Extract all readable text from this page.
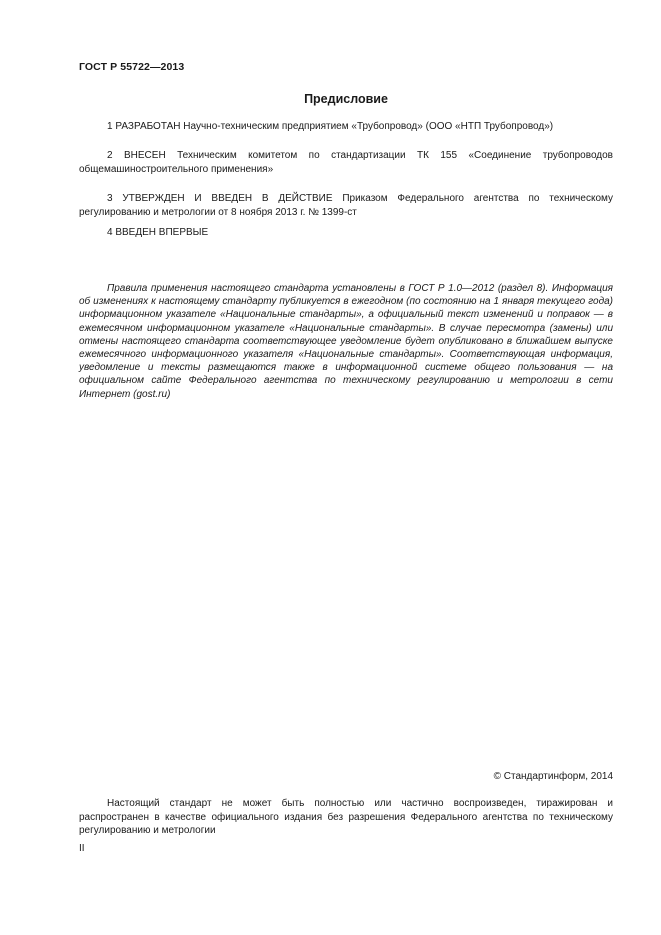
ГОСТ Р 55722—2013
Предисловие
1 РАЗРАБОТАН Научно-техническим предприятием «Трубопровод» (ООО «НТП Трубопровод»)
2 ВНЕСЕН Техническим комитетом по стандартизации ТК 155 «Соединение трубопроводов общемашиностроительного применения»
3 УТВЕРЖДЕН И ВВЕДЕН В ДЕЙСТВИЕ Приказом Федерального агентства по техническому регулированию и метрологии от 8 ноября 2013 г. № 1399-ст
4 ВВЕДЕН ВПЕРВЫЕ
Правила применения настоящего стандарта установлены в ГОСТ Р 1.0—2012 (раздел 8). Информация об изменениях к настоящему стандарту публикуется в ежегодном (по состоянию на 1 января текущего года) информационном указателе «Национальные стандарты», а официальный текст изменений и поправок — в ежемесячном информационном указателе «Национальные стандарты». В случае пересмотра (замены) или отмены настоящего стандарта соответствующее уведомление будет опубликовано в ближайшем выпуске ежемесячного информационного указателя «Национальные стандарты». Соответствующая информация, уведомление и тексты размещаются также в информационной системе общего пользования — на официальном сайте Федерального агентства по техническому регулированию и метрологии в сети Интернет (gost.ru)
© Стандартинформ, 2014
Настоящий стандарт не может быть полностью или частично воспроизведен, тиражирован и распространен в качестве официального издания без разрешения Федерального агентства по техническому регулированию и метрологии
II
